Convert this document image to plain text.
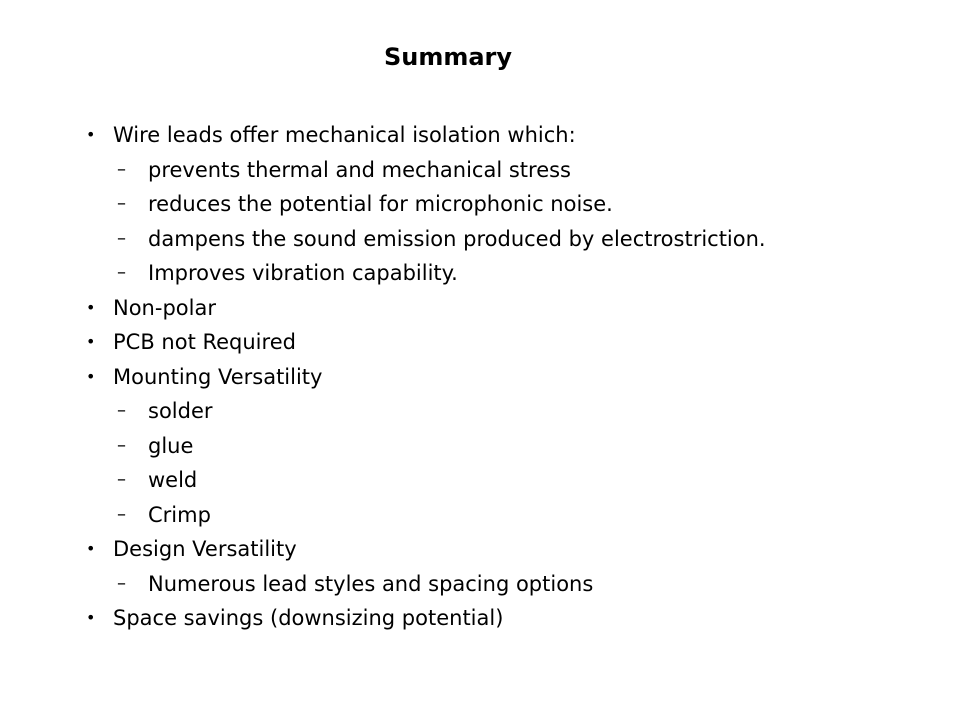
Summary
• Wire leads offer mechanical isolation which:
– prevents thermal and mechanical stress
– reduces the potential for microphonic noise.
– dampens the sound emission produced by electrostriction.
– Improves vibration capability.
• Non-polar
• PCB not Required
• Mounting Versatility
– solder
– glue
– weld
– Crimp
• Design Versatility
– Numerous lead styles and spacing options
• Space savings (downsizing potential)
